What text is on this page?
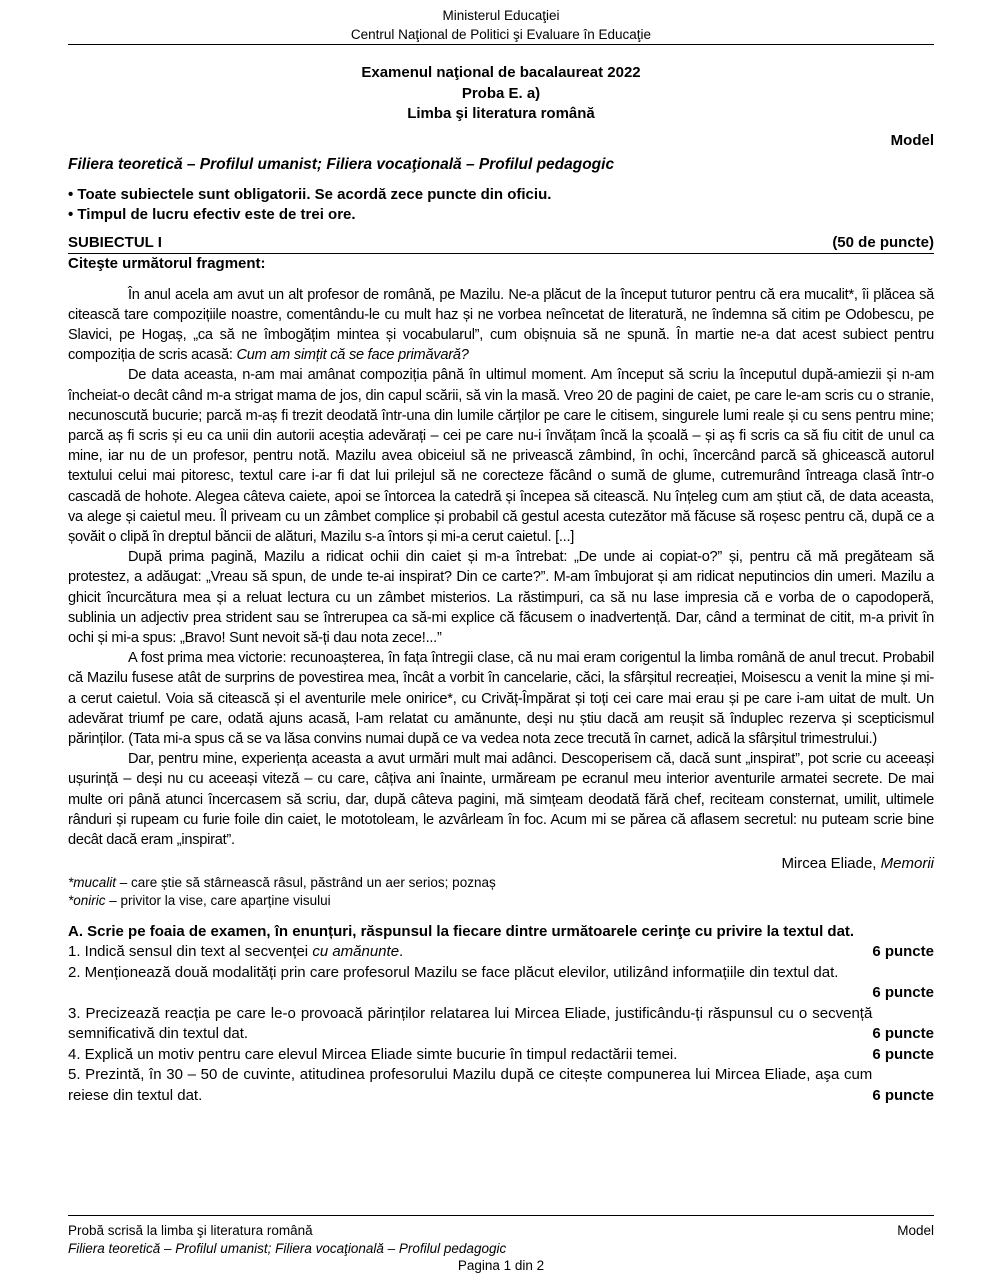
Ministerul Educaţiei
Centrul Naţional de Politici şi Evaluare în Educaţie
Examenul naţional de bacalaureat 2022
Proba E. a)
Limba şi literatura română
Model
Filiera teoretică – Profilul umanist; Filiera vocaţională – Profilul pedagogic
• Toate subiectele sunt obligatorii. Se acordă zece puncte din oficiu.
• Timpul de lucru efectiv este de trei ore.
SUBIECTUL I	(50 de puncte)
Citeşte următorul fragment:

În anul acela am avut un alt profesor de română, pe Mazilu. Ne-a plăcut de la început tuturor pentru că era mucalit*, îi plăcea să citească tare compozițiile noastre, comentându-le cu mult haz și ne vorbea neîncetat de literatură, ne îndemna să citim pe Odobescu, pe Slavici, pe Hogaș, „ca să ne îmbogățim mintea și vocabularul”, cum obișnuia să ne spună. În martie ne-a dat acest subiect pentru compoziția de scris acasă: Cum am simțit că se face primăvară?

De data aceasta, n-am mai amânat compoziția până în ultimul moment. Am început să scriu la începutul după-amiezii și n-am încheiat-o decât când m-a strigat mama de jos, din capul scării, să vin la masă. Vreo 20 de pagini de caiet, pe care le-am scris cu o stranie, necunoscută bucurie; parcă m-aș fi trezit deodată într-una din lumile cărților pe care le citisem, singurele lumi reale și cu sens pentru mine; parcă aș fi scris și eu ca unii din autorii aceștia adevărați – cei pe care nu-i învățam încă la școală – și aș fi scris ca să fiu citit de unul ca mine, iar nu de un profesor, pentru notă. Mazilu avea obiceiul să ne privească zâmbind, în ochi, încercând parcă să ghicească autorul textului celui mai pitoresc, textul care i-ar fi dat lui prilejul să ne corecteze făcând o sumă de glume, cutremurând întreaga clasă într-o cascadă de hohote. Alegea câteva caiete, apoi se întorcea la catedră și începea să citească. Nu înțeleg cum am știut că, de data aceasta, va alege și caietul meu. Îl priveam cu un zâmbet complice și probabil că gestul acesta cutezător mă făcuse să roșesc pentru că, după ce a șovăit o clipă în dreptul băncii de alături, Mazilu s-a întors și mi-a cerut caietul. [...]

După prima pagină, Mazilu a ridicat ochii din caiet și m-a întrebat: „De unde ai copiat-o?” și, pentru că mă pregăteam să protestez, a adăugat: „Vreau să spun, de unde te-ai inspirat? Din ce carte?”. M-am îmbujorat și am ridicat neputincios din umeri. Mazilu a ghicit încurcătura mea și a reluat lectura cu un zâmbet misterios. La răstimpuri, ca să nu lase impresia că e vorba de o capodoperă, sublinia un adjectiv prea strident sau se întrerupea ca să-mi explice că făcusem o inadvertență. Dar, când a terminat de citit, m-a privit în ochi și mi-a spus: „Bravo! Sunt nevoit să-ți dau nota zece!...”

A fost prima mea victorie: recunoașterea, în fața întregii clase, că nu mai eram corigentul la limba română de anul trecut. Probabil că Mazilu fusese atât de surprins de povestirea mea, încât a vorbit în cancelarie, căci, la sfârșitul recreației, Moisescu a venit la mine și mi-a cerut caietul. Voia să citească și el aventurile mele onirice*, cu Crivăț-Împărat și toți cei care mai erau și pe care i-am uitat de mult. Un adevărat triumf pe care, odată ajuns acasă, l-am relatat cu amănunte, deși nu știu dacă am reușit să înduplec rezerva și scepticismul părinților. (Tata mi-a spus că se va lăsa convins numai după ce va vedea nota zece trecută în carnet, adică la sfârșitul trimestrului.)

Dar, pentru mine, experiența aceasta a avut urmări mult mai adânci. Descoperisem că, dacă sunt „inspirat”, pot scrie cu aceeași ușurință – deși nu cu aceeași viteză – cu care, câțiva ani înainte, urmăream pe ecranul meu interior aventurile armatei secrete. De mai multe ori până atunci încercasem să scriu, dar, după câteva pagini, mă simțeam deodată fără chef, reciteam consternat, umilit, ultimele rânduri și rupeam cu furie foile din caiet, le mototoleam, le azvârleam în foc. Acum mi se părea că aflasem secretul: nu puteam scrie bine decât dacă eram „inspirat”.

Mircea Eliade, Memorii
*mucalit – care știe să stârnească râsul, păstrând un aer serios; poznaș
*oniric – privitor la vise, care aparține visului
A. Scrie pe foaia de examen, în enunțuri, răspunsul la fiecare dintre următoarele cerinţe cu privire la textul dat.
6 puncte
1. Indică sensul din text al secvenței cu amănunte.
2. Menționează două modalități prin care profesorul Mazilu se face plăcut elevilor, utilizând informațiile din textul dat.
6 puncte
6 puncte
3. Precizează reacția pe care le-o provoacă părinților relatarea lui Mircea Eliade, justificându-ți răspunsul cu o secvență semnificativă din textul dat.
6 puncte
4. Explică un motiv pentru care elevul Mircea Eliade simte bucurie în timpul redactării temei.
6 puncte
5. Prezintă, în 30 – 50 de cuvinte, atitudinea profesorului Mazilu după ce citește compunerea lui Mircea Eliade, aşa cum reiese din textul dat.
Probă scrisă la limba şi literatura română	Model
Filiera teoretică – Profilul umanist; Filiera vocaţională – Profilul pedagogic
Pagina 1 din 2
